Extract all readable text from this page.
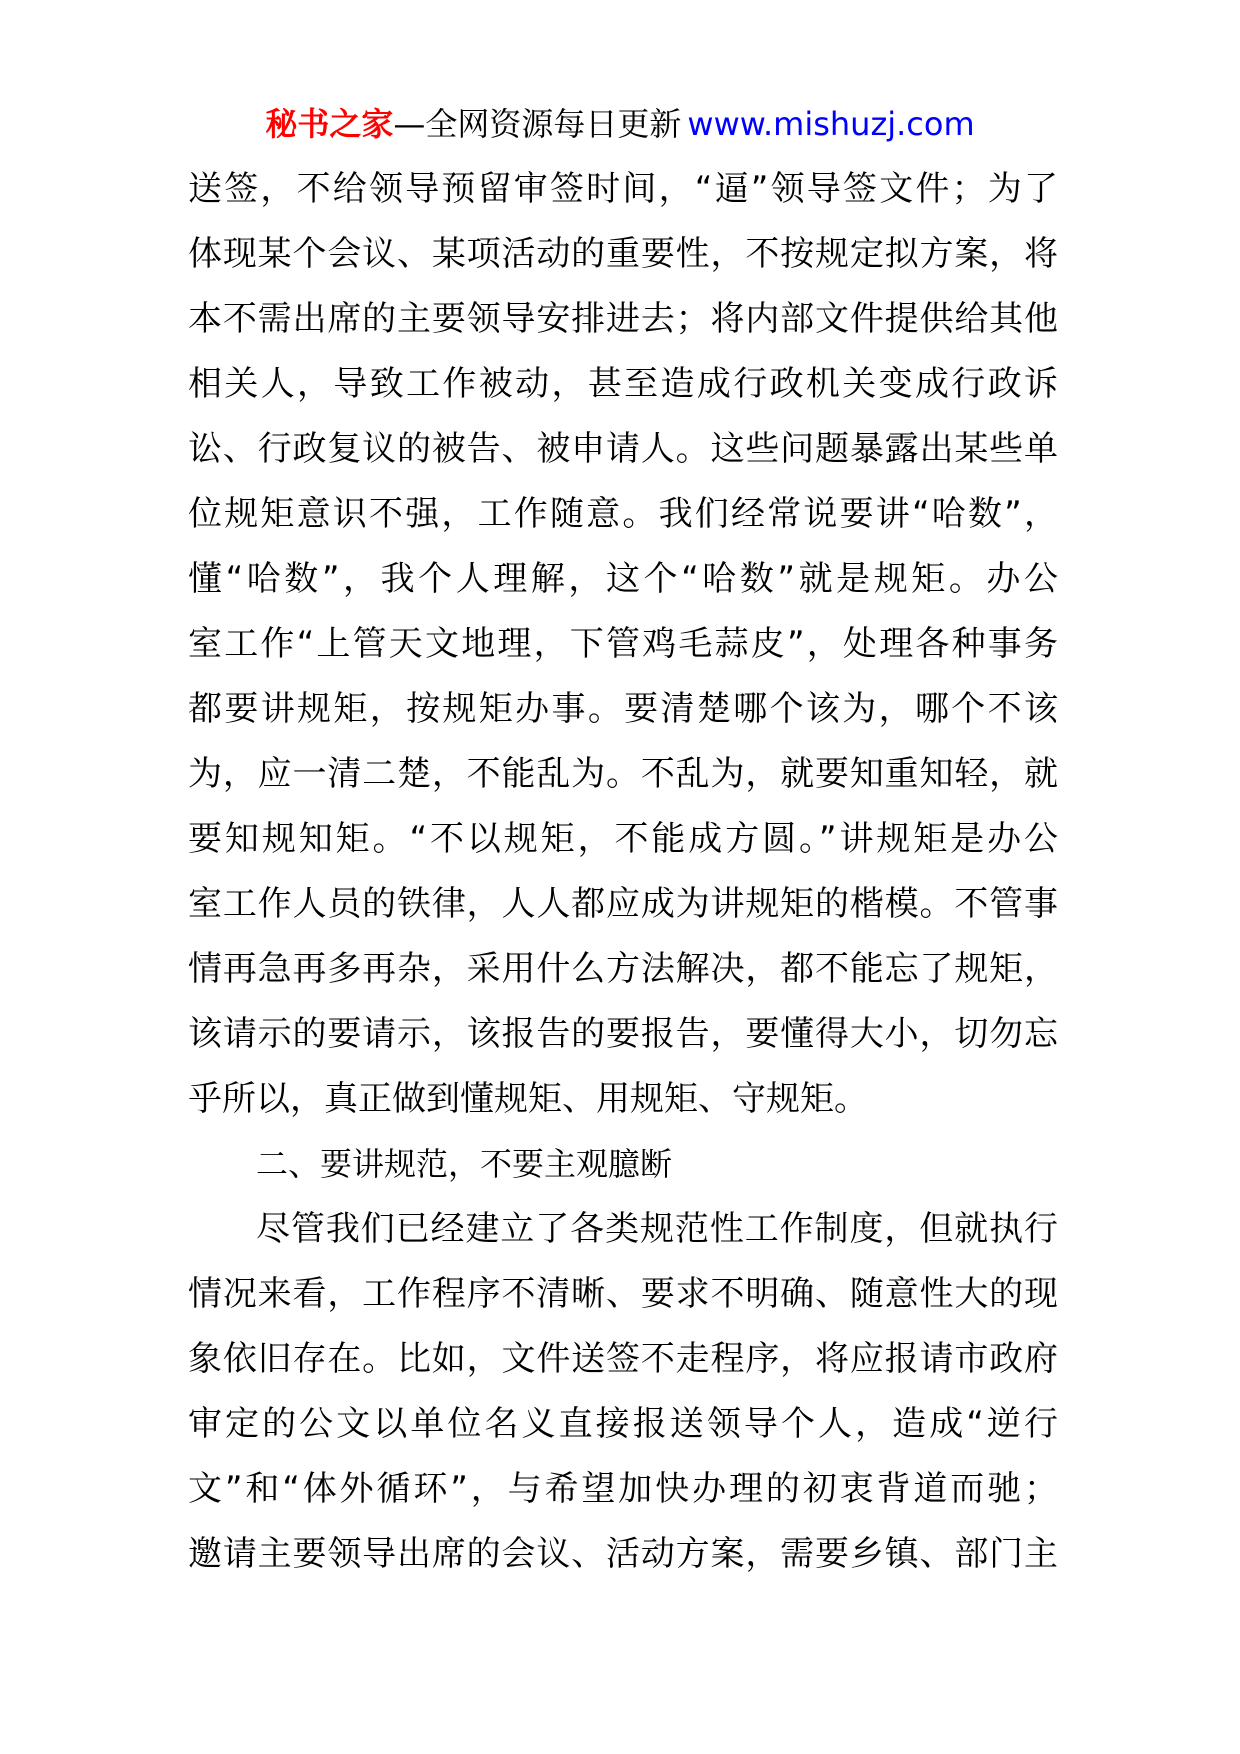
秘书之家—全网资源每日更新 www.mishuzj.com
送签，不给领导预留审签时间，“逼”领导签文件；为了
体现某个会议、某项活动的重要性，不按规定拟方案，将
本不需出席的主要领导安排进去；将内部文件提供给其他
相关人，导致工作被动，甚至造成行政机关变成行政诉
讼、行政复议的被告、被申请人。这些问题暴露出某些单
位规矩意识不强，工作随意。我们经常说要讲“哈数”，
懂“哈数”，我个人理解，这个“哈数”就是规矩。办公
室工作“上管天文地理，下管鸡毛蒜皮”，处理各种事务
都要讲规矩，按规矩办事。要清楚哪个该为，哪个不该
为，应一清二楚，不能乱为。不乱为，就要知重知轻，就
要知规知矩。“不以规矩，不能成方圆。”讲规矩是办公
室工作人员的铁律，人人都应成为讲规矩的楷模。不管事
情再急再多再杂，采用什么方法解决，都不能忘了规矩，
该请示的要请示，该报告的要报告，要懂得大小，切勿忘
乎所以，真正做到懂规矩、用规矩、守规矩。
二、要讲规范，不要主观臆断
尽管我们已经建立了各类规范性工作制度，但就执行
情况来看，工作程序不清晰、要求不明确、随意性大的现
象依旧存在。比如，文件送签不走程序，将应报请市政府
审定的公文以单位名义直接报送领导个人，造成“逆行
文”和“体外循环”，与希望加快办理的初衷背道而驰；
邀请主要领导出席的会议、活动方案，需要乡镇、部门主
